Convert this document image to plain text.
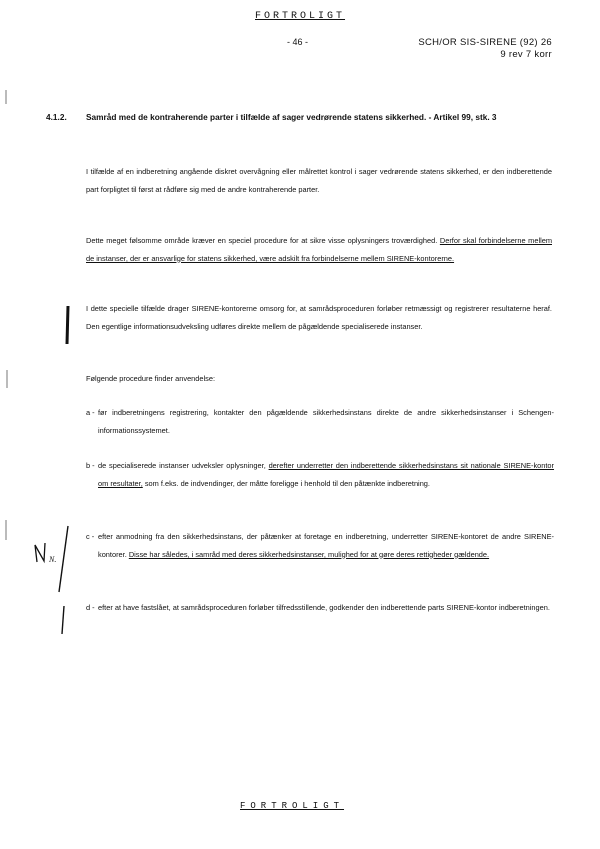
FORTROLIGT
- 46 -	SCH/OR SIS-SIRENE (92) 26
9 rev 7 korr
4.1.2.	Samråd med de kontraherende parter i tilfælde af sager vedrørende statens sikkerhed. - Artikel 99, stk. 3
I tilfælde af en indberetning angående diskret overvågning eller målrettet kontrol i sager vedrørende statens sikkerhed, er den indberettende part forpligtet til først at rådføre sig med de andre kontraherende parter.
Dette meget følsomme område kræver en speciel procedure for at sikre visse oplysningers troværdighed. Derfor skal forbindelserne mellem de instanser, der er ansvarlige for statens sikkerhed, være adskilt fra forbindelserne mellem SIRENE-kontorerne.
I dette specielle tilfælde drager SIRENE-kontorerne omsorg for, at samrådsproceduren forløber retmæssigt og registrerer resultaterne heraf. Den egentlige informationsudveksling udføres direkte mellem de pågældende specialiserede instanser.
Følgende procedure finder anvendelse:
a - før indberetningens registrering, kontakter den pågældende sikkerhedsinstans direkte de andre sikkerhedsinstanser i Schengen-informationssystemet.
b - de specialiserede instanser udveksler oplysninger, derefter underretter den indberettende sikkerhedsinstans sit nationale SIRENE-kontor om resultater, som f.eks. de indvendinger, der måtte foreligge i henhold til den påtænkte indberetning.
c - efter anmodning fra den sikkerhedsinstans, der påtænker at foretage en indberetning, underretter SIRENE-kontoret de andre SIRENE-kontorer. Disse har således, i samråd med deres sikkerhedsinstanser, mulighed for at gøre deres rettigheder gældende.
d - efter at have fastslået, at samrådsproceduren forløber tilfredsstillende, godkender den indberettende parts SIRENE-kontor indberetningen.
FORTROLIGT
N.
